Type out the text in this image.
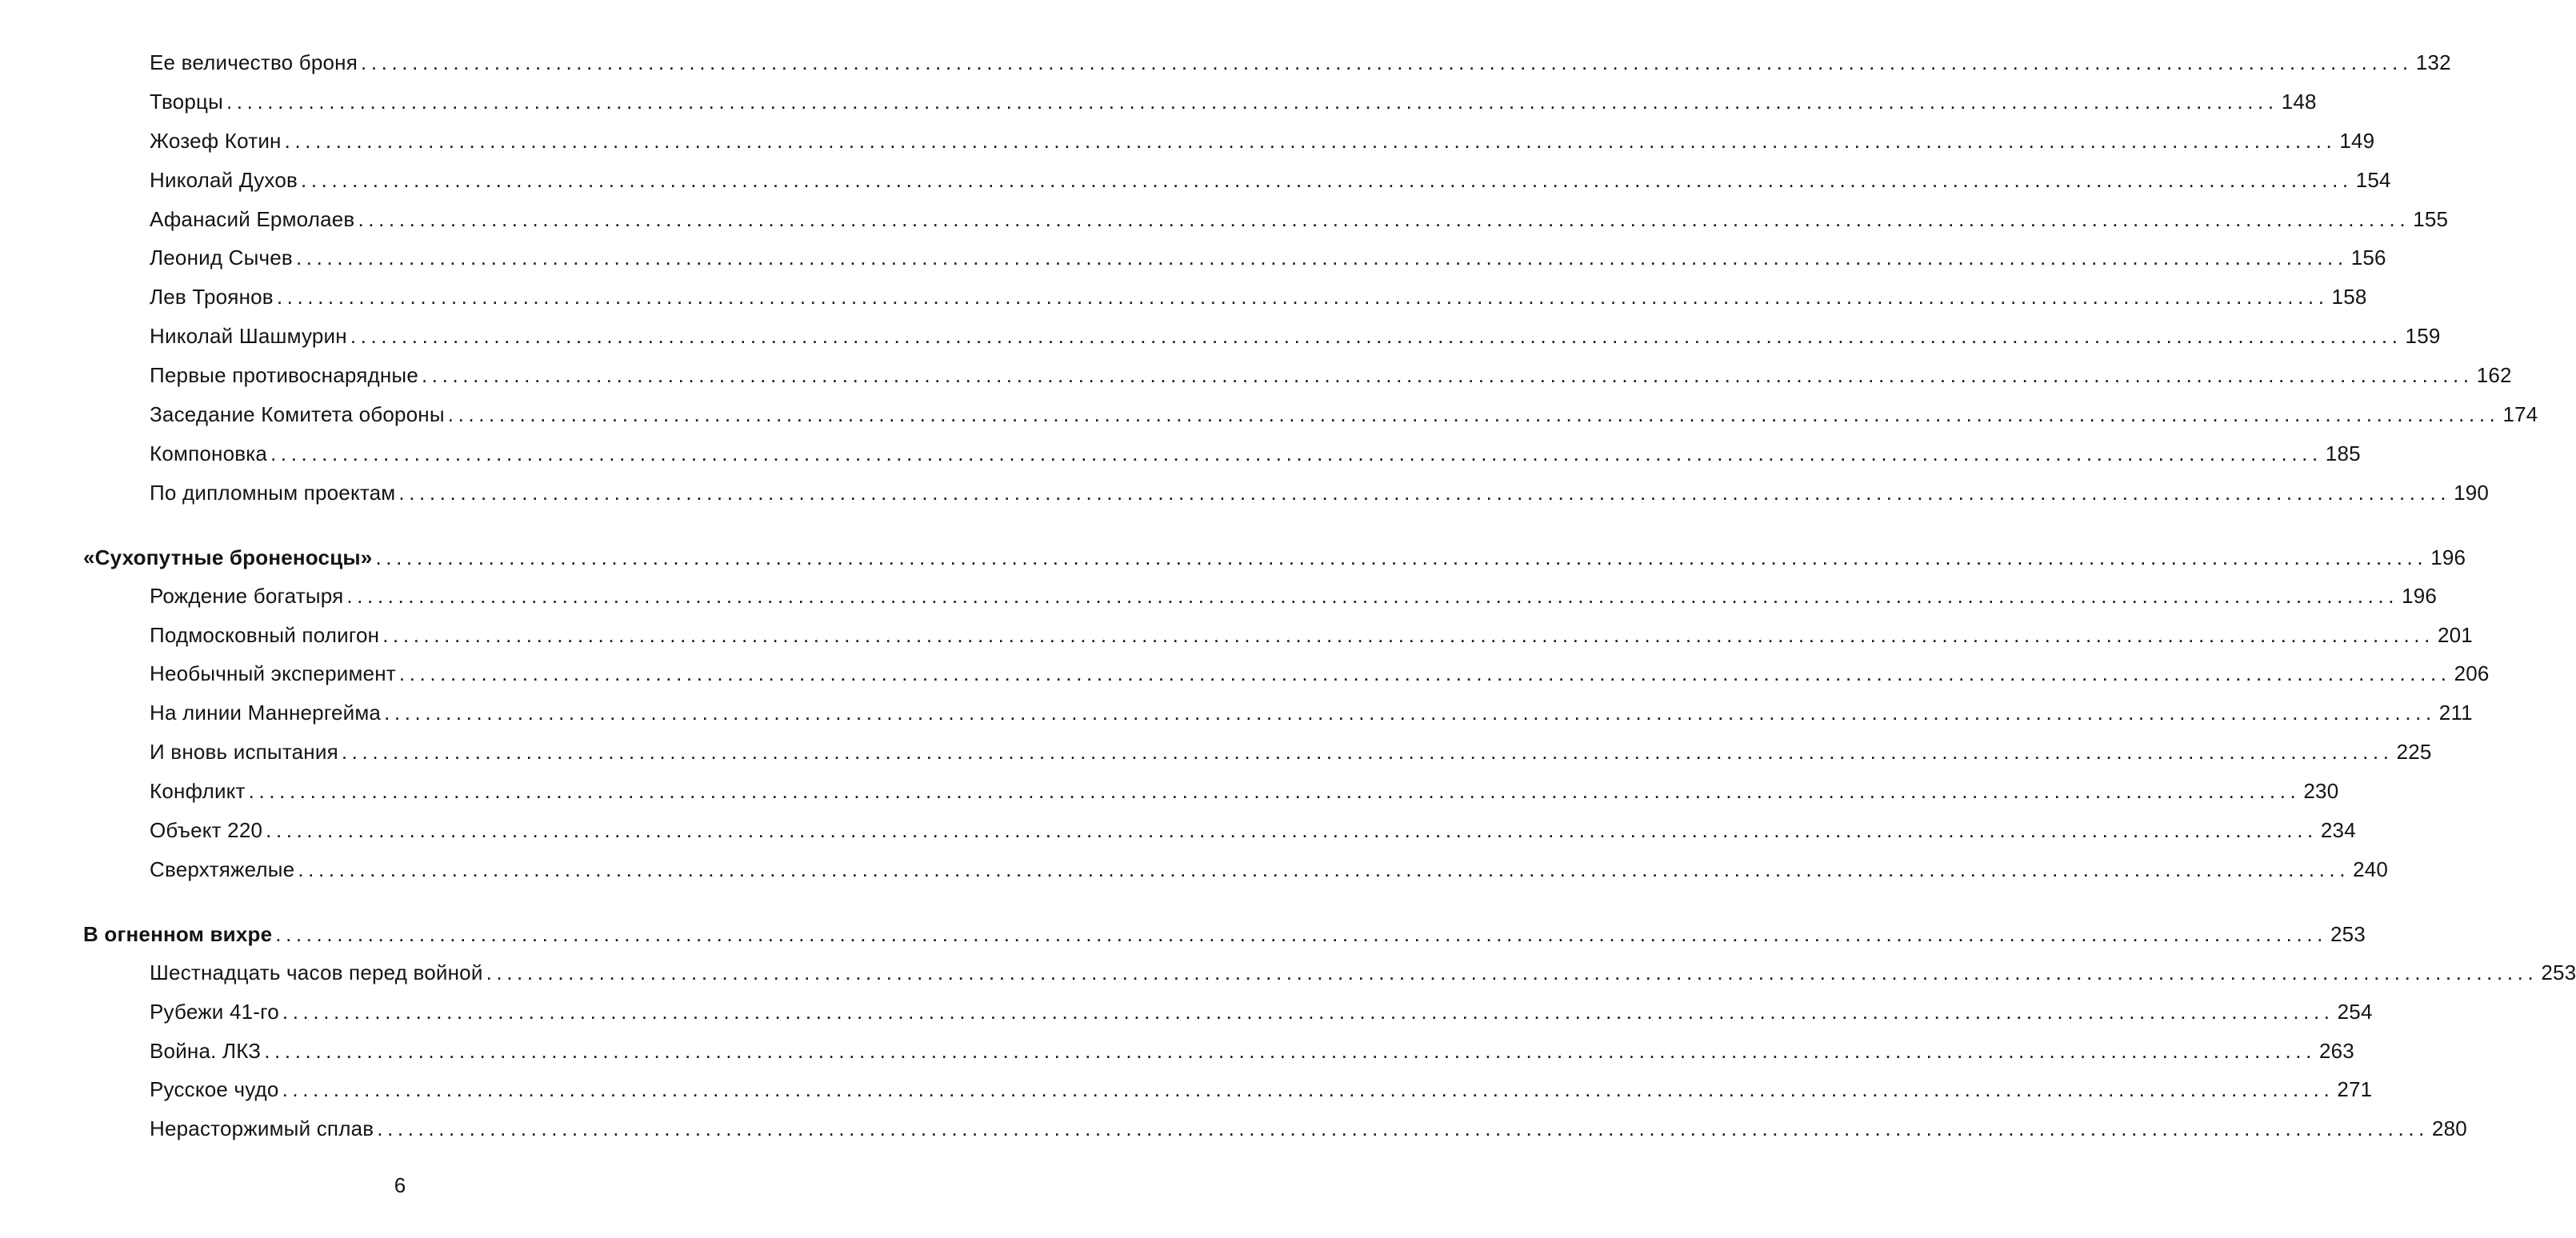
Ее величество броня ........................................................................................................................................................................................................ 132
Творцы ........................................................................................................................................................................................................ 148
Жозеф Котин ........................................................................................................................................................................................................ 149
Николай Духов ........................................................................................................................................................................................................ 154
Афанасий Ермолаев ........................................................................................................................................................................................................ 155
Леонид Сычев ........................................................................................................................................................................................................ 156
Лев Троянов ........................................................................................................................................................................................................ 158
Николай Шашмурин ........................................................................................................................................................................................................ 159
Первые противоснарядные ........................................................................................................................................................................................................ 162
Заседание Комитета обороны ........................................................................................................................................................................................................ 174
Компоновка ........................................................................................................................................................................................................ 185
По дипломным проектам ........................................................................................................................................................................................................ 190
«Сухопутные броненосцы» ........................................................................................................................................................................................................ 196
Рождение богатыря ........................................................................................................................................................................................................ 196
Подмосковный полигон ........................................................................................................................................................................................................ 201
Необычный эксперимент ........................................................................................................................................................................................................ 206
На линии Маннергейма ........................................................................................................................................................................................................ 211
И вновь испытания ........................................................................................................................................................................................................ 225
Конфликт ........................................................................................................................................................................................................ 230
Объект 220 ........................................................................................................................................................................................................ 234
Сверхтяжелые ........................................................................................................................................................................................................ 240
В огненном вихре ........................................................................................................................................................................................................ 253
Шестнадцать часов перед войной ........................................................................................................................................................................................................ 253
Рубежи 41-го ........................................................................................................................................................................................................ 254
Война. ЛКЗ ........................................................................................................................................................................................................ 263
Русское чудо ........................................................................................................................................................................................................ 271
Нерасторжимый сплав ........................................................................................................................................................................................................ 280
6
